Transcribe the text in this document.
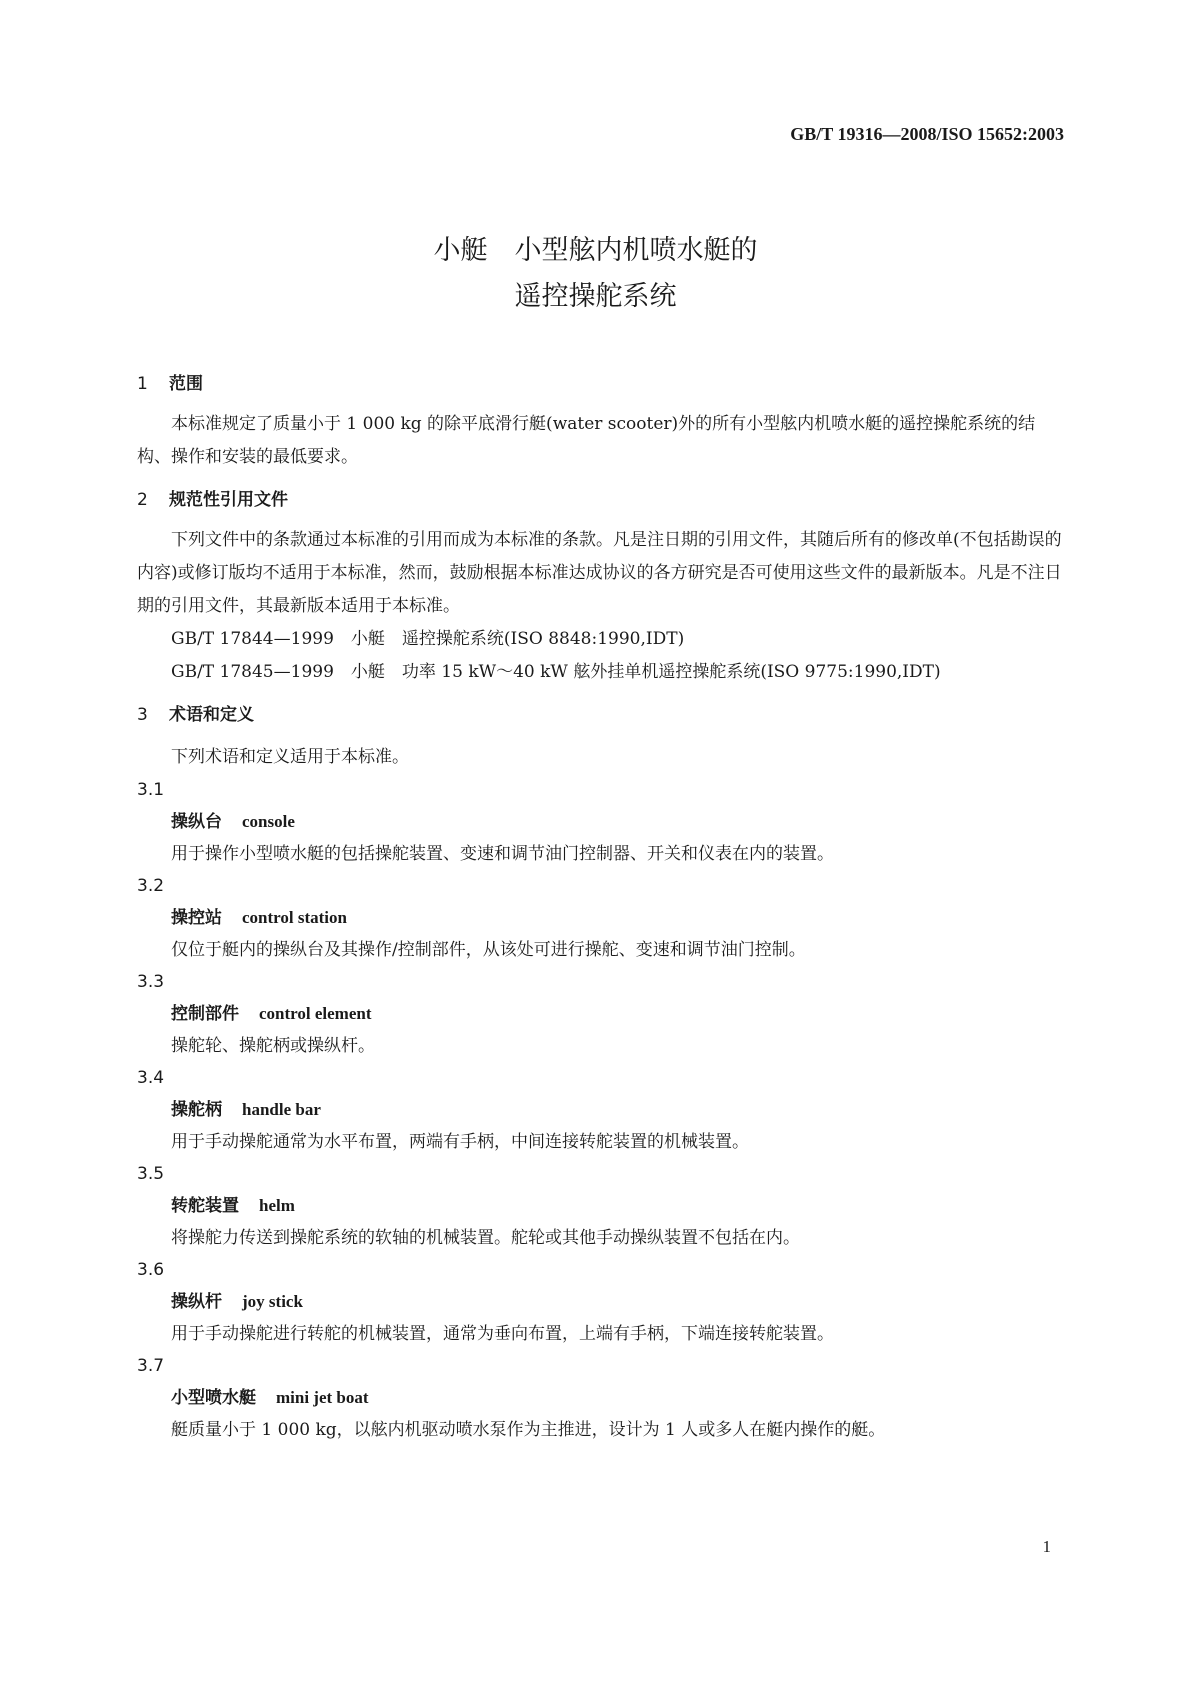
GB/T 19316—2008/ISO 15652:2003
小艇　小型舷内机喷水艇的
遥控操舵系统

1 范围

本标准规定了质量小于 1 000 kg 的除平底滑行艇(water scooter)外的所有小型舷内机喷水艇的遥控操舵系统的结构、操作和安装的最低要求。

2 规范性引用文件

下列文件中的条款通过本标准的引用而成为本标准的条款。凡是注日期的引用文件，其随后所有的修改单(不包括勘误的内容)或修订版均不适用于本标准，然而，鼓励根据本标准达成协议的各方研究是否可使用这些文件的最新版本。凡是不注日期的引用文件，其最新版本适用于本标准。

GB/T 17844—1999　小艇　遥控操舵系统(ISO 8848:1990,IDT)

GB/T 17845—1999　小艇　功率 15 kW～40 kW 舷外挂单机遥控操舵系统(ISO 9775:1990,IDT)

3 术语和定义

下列术语和定义适用于本标准。

3.1

操纵台 console

用于操作小型喷水艇的包括操舵装置、变速和调节油门控制器、开关和仪表在内的装置。

3.2

操控站 control station

仅位于艇内的操纵台及其操作/控制部件，从该处可进行操舵、变速和调节油门控制。

3.3

控制部件 control element

操舵轮、操舵柄或操纵杆。

3.4

操舵柄 handle bar

用于手动操舵通常为水平布置，两端有手柄，中间连接转舵装置的机械装置。

3.5

转舵装置 helm

将操舵力传送到操舵系统的软轴的机械装置。舵轮或其他手动操纵装置不包括在内。

3.6

操纵杆 joy stick

用于手动操舵进行转舵的机械装置，通常为垂向布置，上端有手柄，下端连接转舵装置。

3.7

小型喷水艇 mini jet boat

艇质量小于 1 000 kg，以舷内机驱动喷水泵作为主推进，设计为 1 人或多人在艇内操作的艇。

1
